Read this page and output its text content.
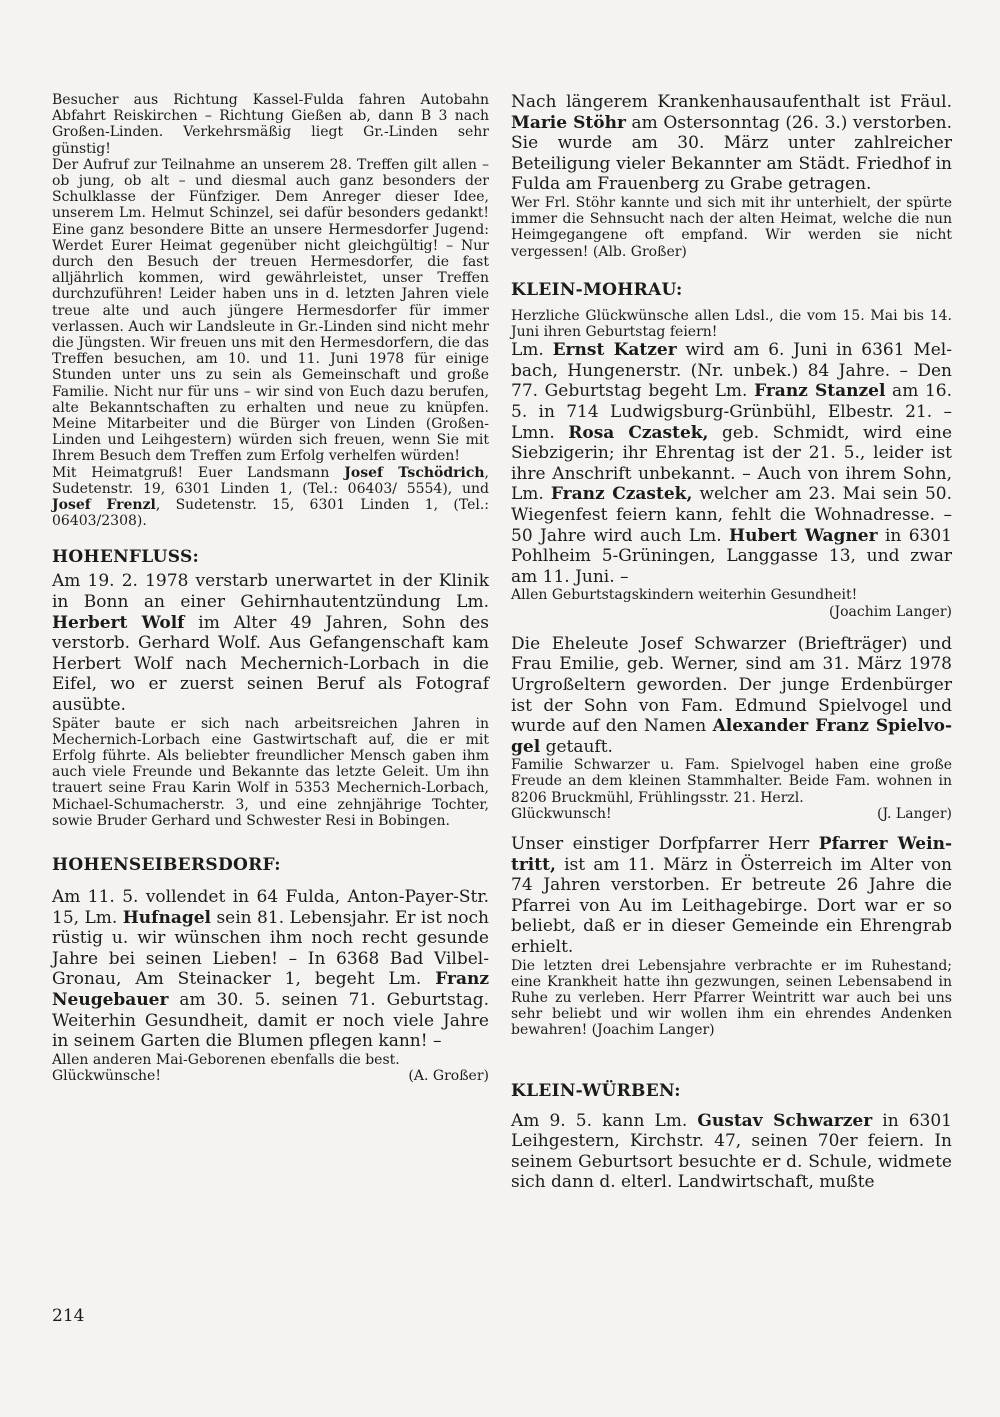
Besucher aus Richtung Kassel-Fulda fahren Autobahn Abfahrt Reiskirchen – Richtung Gießen ab, dann B 3 nach Großen-Linden. Verkehrsmäßig liegt Gr.-Linden sehr günstig!

Der Aufruf zur Teilnahme an unserem 28. Treffen gilt allen – ob jung, ob alt – und diesmal auch ganz besonders der Schulklasse der Fünfziger. Dem Anreger dieser Idee, unserem Lm. Helmut Schinzel, sei dafür besonders gedankt! Eine ganz besondere Bitte an unsere Hermesdorfer Jugend: Werdet Eurer Heimat gegenüber nicht gleichgültig! – Nur durch den Besuch der treuen Hermesdorfer, die fast alljährlich kommen, wird gewährleistet, unser Treffen durchzuführen! Leider haben uns in d. letzten Jahren viele treue alte und auch jüngere Hermesdorfer für immer verlassen. Auch wir Landsleute in Gr.-Linden sind nicht mehr die Jüngsten. Wir freuen uns mit den Hermesdorfern, die das Treffen besuchen, am 10. und 11. Juni 1978 für einige Stunden unter uns zu sein als Gemeinschaft und große Familie. Nicht nur für uns – wir sind von Euch dazu berufen, alte Bekanntschaften zu erhalten und neue zu knüpfen. Meine Mitarbeiter und die Bürger von Linden (Großen-Linden und Leihgestern) würden sich freuen, wenn Sie mit Ihrem Besuch dem Treffen zum Erfolg verhelfen würden!

Mit Heimatgruß! Euer Landsmann Josef Tschödrich, Sudetenstr. 19, 6301 Linden 1, (Tel.: 06403/ 5554), und Josef Frenzl, Sudetenstr. 15, 6301 Linden 1, (Tel.: 06403/2308).

HOHENFLUSS:

Am 19. 2. 1978 verstarb unerwartet in der Klinik in Bonn an einer Gehirnhautentzündung Lm. Herbert Wolf im Alter 49 Jahren, Sohn des verstorb. Gerhard Wolf. Aus Gefangenschaft kam Herbert Wolf nach Mechernich-Lorbach in die Eifel, wo er zuerst seinen Beruf als Fotograf ausübte.

Später baute er sich nach arbeitsreichen Jahren in Mechernich-Lorbach eine Gastwirtschaft auf, die er mit Erfolg führte. Als beliebter freundlicher Mensch gaben ihm auch viele Freunde und Bekannte das letzte Geleit. Um ihn trauert seine Frau Karin Wolf in 5353 Mechernich-Lorbach, Michael-Schumacherstr. 3, und eine zehnjährige Tochter, sowie Bruder Gerhard und Schwester Resi in Bobingen.

HOHENSEIBERSDORF:

Am 11. 5. vollendet in 64 Fulda, Anton-Payer-Str. 15, Lm. Hufnagel sein 81. Lebensjahr. Er ist noch rüstig u. wir wünschen ihm noch recht gesunde Jahre bei seinen Lieben! – In 6368 Bad Vilbel-Gronau, Am Steinacker 1, begeht Lm. Franz Neugebauer am 30. 5. seinen 71. Geburtstag. Weiterhin Gesundheit, damit er noch viele Jahre in seinem Garten die Blumen pflegen kann! –

Allen anderen Mai-Geborenen ebenfalls die best.

Glückwünsche!	(A. Großer)

Nach längerem Krankenhausaufenthalt ist Fräul. Marie Stöhr am Ostersonntag (26. 3.) verstorben. Sie wurde am 30. März unter zahlreicher Beteiligung vieler Bekannter am Städt. Friedhof in Fulda am Frauenberg zu Grabe getragen.

Wer Frl. Stöhr kannte und sich mit ihr unterhielt, der spürte immer die Sehnsucht nach der alten Heimat, welche die nun Heimgegangene oft empfand. Wir werden sie nicht vergessen! (Alb. Großer)

KLEIN-MOHRAU:

Herzliche Glückwünsche allen Ldsl., die vom 15. Mai bis 14. Juni ihren Geburtstag feiern!

Lm. Ernst Katzer wird am 6. Juni in 6361 Melbach, Hungenerstr. (Nr. unbek.) 84 Jahre. – Den 77. Geburtstag begeht Lm. Franz Stanzel am 16. 5. in 714 Ludwigsburg-Grünbühl, Elbestr. 21. – Lmn. Rosa Czastek, geb. Schmidt, wird eine Siebzigerin; ihr Ehrentag ist der 21. 5., leider ist ihre Anschrift unbekannt. – Auch von ihrem Sohn, Lm. Franz Czastek, welcher am 23. Mai sein 50. Wiegenfest feiern kann, fehlt die Wohnadresse. – 50 Jahre wird auch Lm. Hubert Wagner in 6301 Pohlheim 5-Grüningen, Langgasse 13, und zwar am 11. Juni. –

Allen Geburtstagskindern weiterhin Gesundheit!

(Joachim Langer)

Die Eheleute Josef Schwarzer (Briefträger) und Frau Emilie, geb. Werner, sind am 31. März 1978 Urgroßeltern geworden. Der junge Erdenbürger ist der Sohn von Fam. Edmund Spielvogel und wurde auf den Namen Alexander Franz Spielvogel getauft.

Familie Schwarzer u. Fam. Spielvogel haben eine große Freude an dem kleinen Stammhalter. Beide Fam. wohnen in 8206 Bruckmühl, Frühlingsstr. 21. Herzl.

Glückwunsch!	(J. Langer)

Unser einstiger Dorfpfarrer Herr Pfarrer Weintritt, ist am 11. März in Österreich im Alter von 74 Jahren verstorben. Er betreute 26 Jahre die Pfarrei von Au im Leithagebirge. Dort war er so beliebt, daß er in dieser Gemeinde ein Ehrengrab erhielt.

Die letzten drei Lebensjahre verbrachte er im Ruhestand; eine Krankheit hatte ihn gezwungen, seinen Lebensabend in Ruhe zu verleben. Herr Pfarrer Weintritt war auch bei uns sehr beliebt und wir wollen ihm ein ehrendes Andenken bewahren! (Joachim Langer)

KLEIN-WÜRBEN:

Am 9. 5. kann Lm. Gustav Schwarzer in 6301 Leihgestern, Kirchstr. 47, seinen 70er feiern. In seinem Geburtsort besuchte er d. Schule, widmete sich dann d. elterl. Landwirtschaft, mußte

214
